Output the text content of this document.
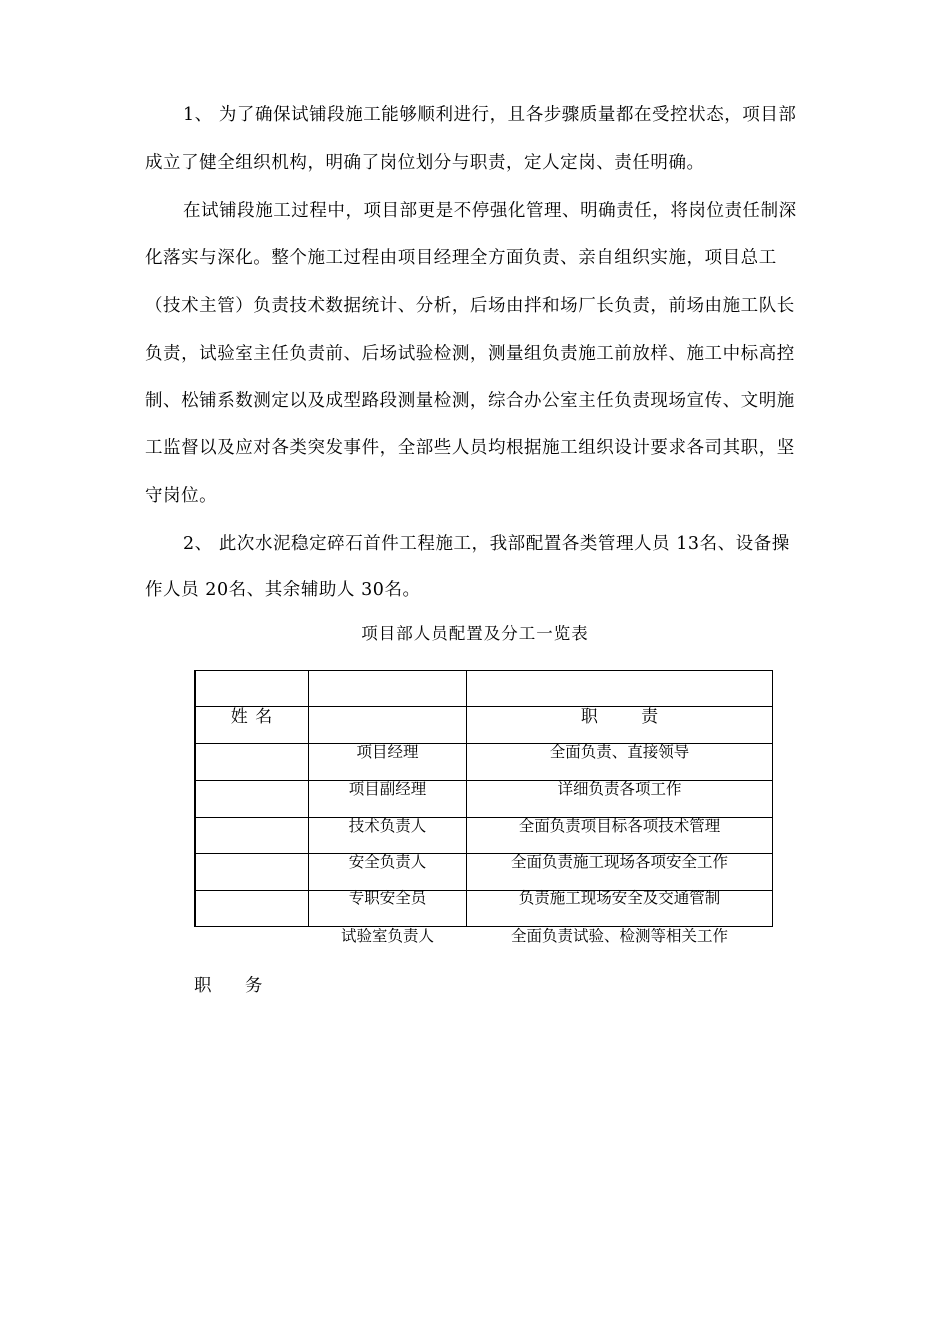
1、 为了确保试铺段施工能够顺利进行，且各步骤质量都在受控状态，项目部
成立了健全组织机构，明确了岗位划分与职责，定人定岗、责任明确。
在试铺段施工过程中，项目部更是不停强化管理、明确责任，将岗位责任制深
化落实与深化。整个施工过程由项目经理全方面负责、亲自组织实施，项目总工
（技术主管）负责技术数据统计、分析，后场由拌和场厂长负责，前场由施工队长
负责，试验室主任负责前、后场试验检测，测量组负责施工前放样、施工中标高控
制、松铺系数测定以及成型路段测量检测，综合办公室主任负责现场宣传、文明施
工监督以及应对各类突发事件，全部些人员均根据施工组织设计要求各司其职，坚
守岗位。
2、 此次水泥稳定碎石首件工程施工，我部配置各类管理人员 13名、设备操
作人员 20名、其余辅助人 30名。
项目部人员配置及分工一览表
姓 名	职        责
项目经理
项目副经理
技术负责人
安全负责人
专职安全员
试验室负责人
全面负责、直接领导
详细负责各项工作
全面负责项目标各项技术管理
全面负责施工现场各项安全工作
负责施工现场安全及交通管制
全面负责试验、检测等相关工作
职      务
